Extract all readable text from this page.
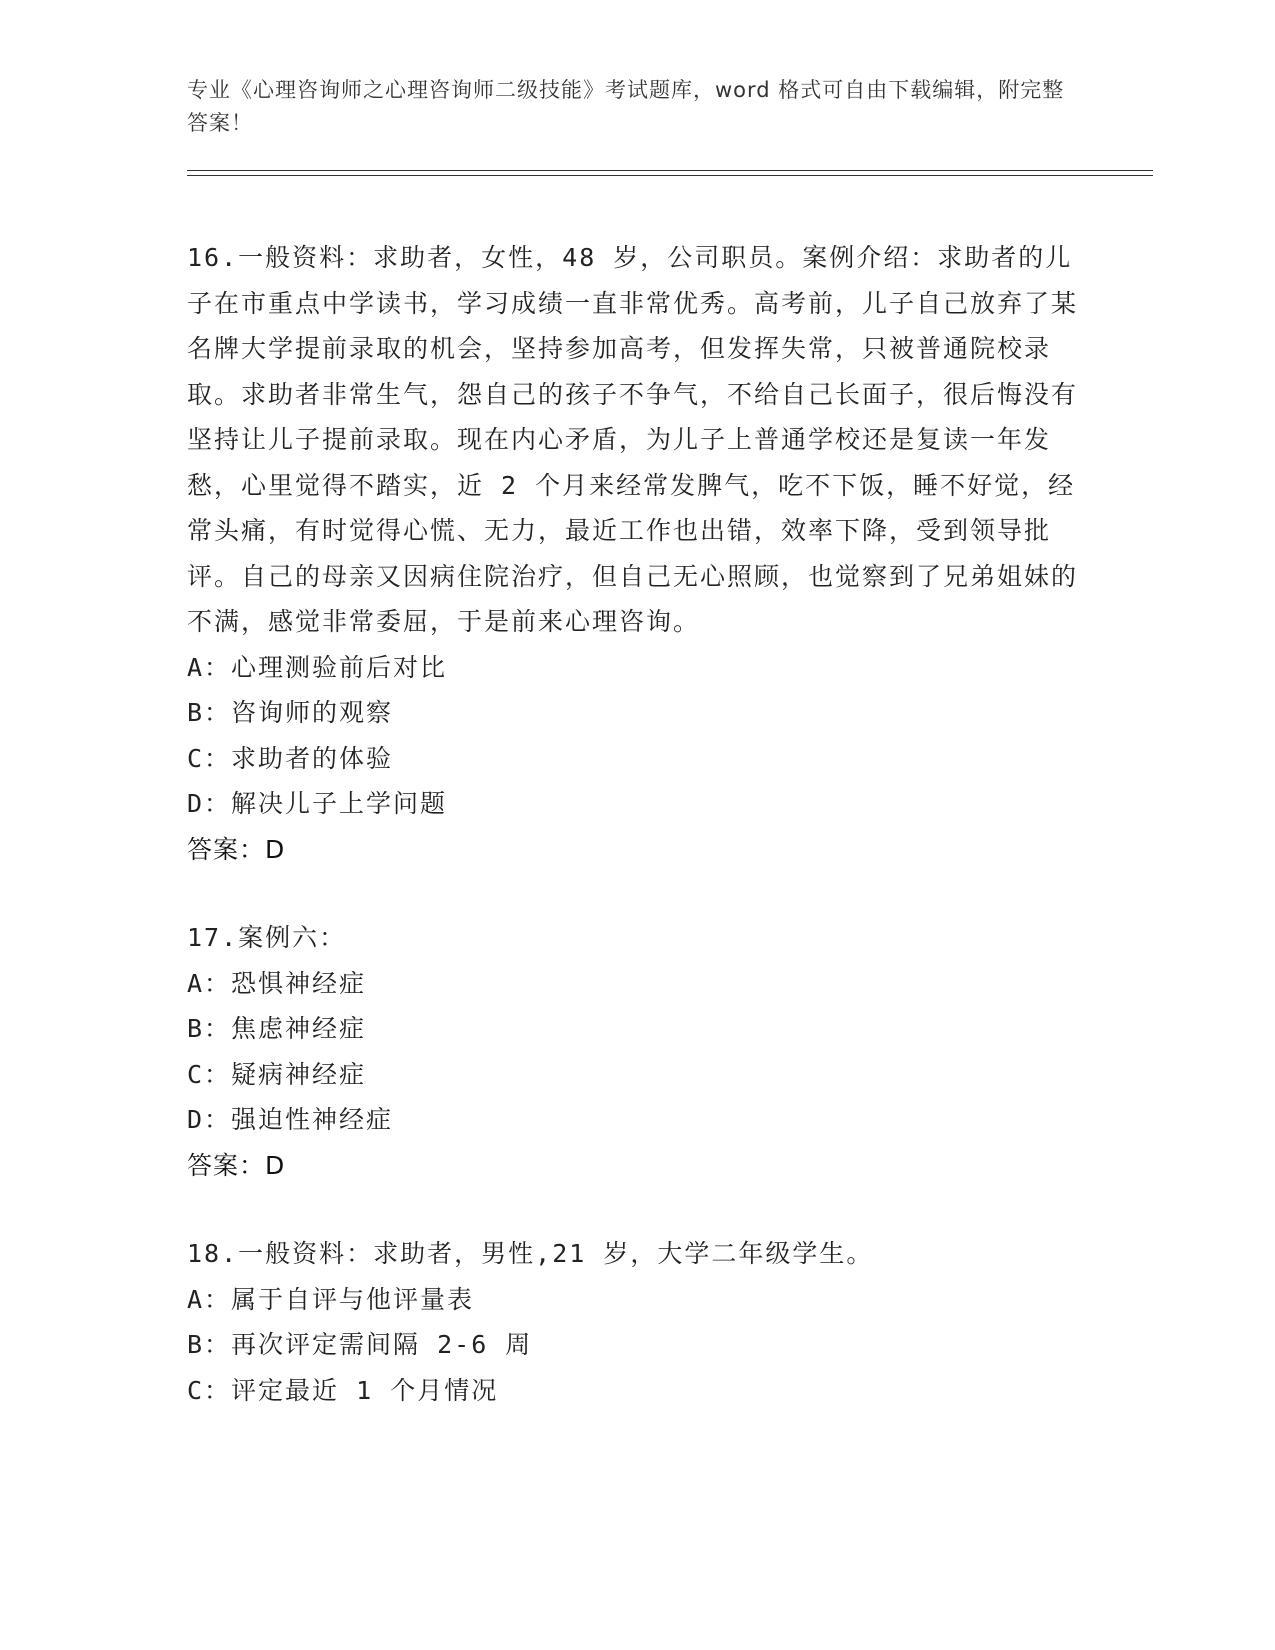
专业《心理咨询师之心理咨询师二级技能》考试题库，word 格式可自由下载编辑，附完整答案！
16.一般资料：求助者，女性，48 岁，公司职员。案例介绍：求助者的儿子在市重点中学读书，学习成绩一直非常优秀。高考前，儿子自己放弃了某名牌大学提前录取的机会，坚持参加高考，但发挥失常，只被普通院校录取。求助者非常生气，怨自己的孩子不争气，不给自己长面子，很后悔没有坚持让儿子提前录取。现在内心矛盾，为儿子上普通学校还是复读一年发愁，心里觉得不踏实，近 2 个月来经常发脾气，吃不下饭，睡不好觉，经常头痛，有时觉得心慌、无力，最近工作也出错，效率下降，受到领导批评。自己的母亲又因病住院治疗，但自己无心照顾，也觉察到了兄弟姐妹的不满，感觉非常委屈，于是前来心理咨询。
A：心理测验前后对比
B：咨询师的观察
C：求助者的体验
D：解决儿子上学问题
答案：D
17.案例六：
A：恐惧神经症
B：焦虑神经症
C：疑病神经症
D：强迫性神经症
答案：D
18.一般资料：求助者，男性,21 岁，大学二年级学生。
A：属于自评与他评量表
B：再次评定需间隔 2-6 周
C：评定最近 1 个月情况
